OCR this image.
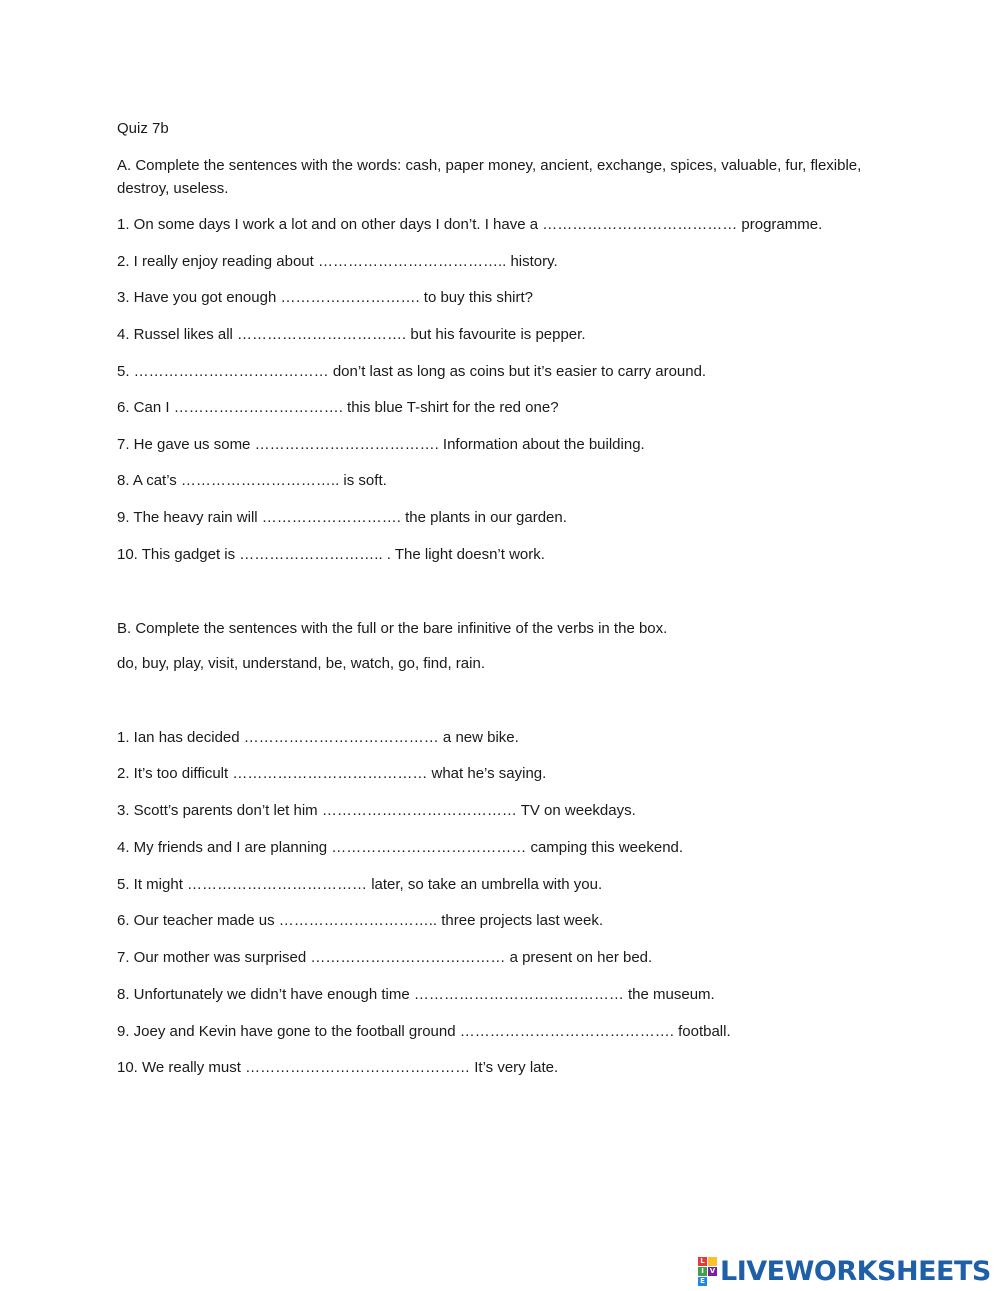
Quiz 7b
A. Complete the sentences with the words: cash, paper money, ancient, exchange, spices, valuable, fur, flexible, destroy, useless.
1. On some days I work a lot and on other days I don’t. I have a ………………………………… programme.
2. I really enjoy reading about ……………………………….. history.
3. Have you got enough ………………………. to buy this shirt?
4. Russel likes all ……………………………. but his favourite is pepper.
5. ………………………………… don’t last as long as coins but it’s easier to carry around.
6. Can I ……………………………. this blue T-shirt for the red one?
7. He gave us some ………………………………. Information about the building.
8. A cat’s ………………………….. is soft.
9. The heavy rain will ………………………. the plants in our garden.
10. This gadget is ……………………….. . The light doesn’t work.
B. Complete the sentences with the full or the bare infinitive of the verbs in the box.
do, buy, play, visit, understand, be, watch, go, find, rain.
1. Ian has decided ………………………………… a new bike.
2. It’s too difficult ………………………………… what he’s saying.
3. Scott’s parents don’t let him ………………………………… TV on weekdays.
4. My friends and I are planning ………………………………… camping this weekend.
5. It might ……………………………… later, so take an umbrella with you.
6. Our teacher made us ………………………….. three projects last week.
7. Our mother was surprised ………………………………… a present on her bed.
8. Unfortunately we didn’t have enough time …………………………………… the museum.
9. Joey and Kevin have gone to the football ground ……………………………………. football.
10. We really must ……………………………………… It’s very late.
L
I V
E LIVEWORKSHEETS
